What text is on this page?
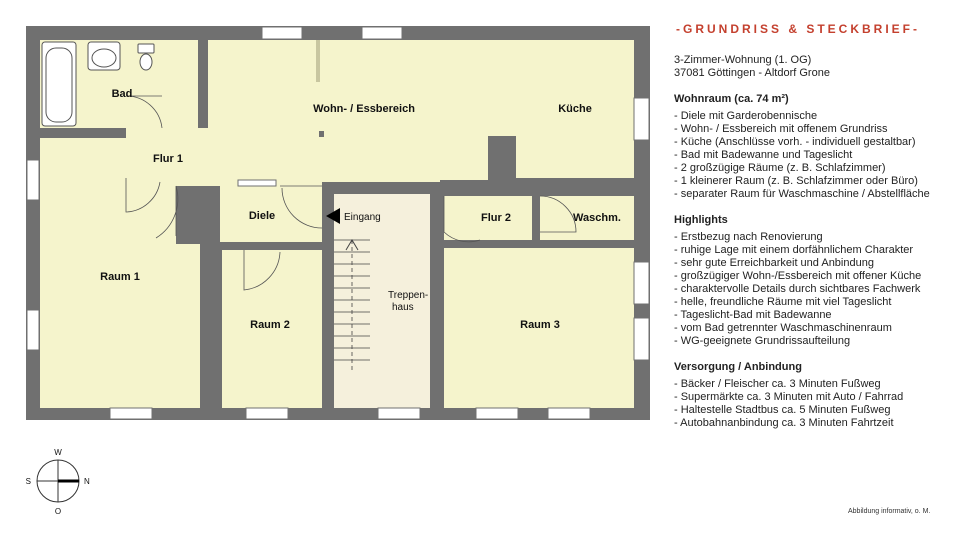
Bad
Wohn- / Essbereich	Küche
Flur 1
Diele	Eingang	Flur 2	Waschm.
Raum 1
Raum 2	Raum 3
Treppen-
haus
W
O
S	N
-GRUNDRISS & STECKBRIEF-
3-Zimmer-Wohnung (1. OG)
37081 Göttingen - Altdorf Grone
Wohnraum (ca. 74 m²)
- Diele mit Garderobennische
- Wohn- / Essbereich mit offenem Grundriss
- Küche (Anschlüsse vorh. - individuell gestaltbar)
- Bad mit Badewanne und Tageslicht
- 2 großzügige Räume (z. B. Schlafzimmer)
- 1 kleinerer Raum (z. B. Schlafzimmer oder Büro)
- separater Raum für Waschmaschine / Abstellfläche
Highlights
- Erstbezug nach Renovierung
- ruhige Lage mit einem dorfähnlichem Charakter
- sehr gute Erreichbarkeit und Anbindung
- großzügiger Wohn-/Essbereich mit offener Küche
- charaktervolle Details durch sichtbares Fachwerk
- helle, freundliche Räume mit viel Tageslicht
- Tageslicht-Bad mit Badewanne
- vom Bad getrennter Waschmaschinenraum
- WG-geeignete Grundrissaufteilung
Versorgung / Anbindung
- Bäcker / Fleischer ca. 3 Minuten Fußweg
- Supermärkte ca. 3 Minuten mit Auto / Fahrrad
- Haltestelle Stadtbus ca. 5 Minuten Fußweg
- Autobahnanbindung ca. 3 Minuten Fahrtzeit
Abbildung informativ, o. M.
